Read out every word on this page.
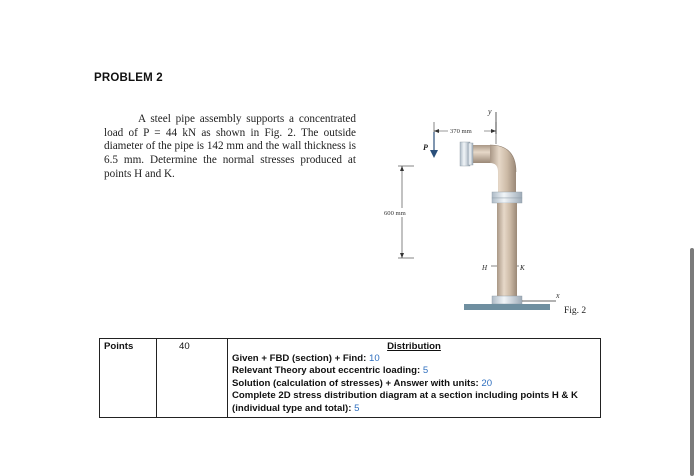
PROBLEM 2

A steel pipe assembly supports a concentrated load of P = 44 kN as shown in Fig. 2. The outside diameter of the pipe is 142 mm and the wall thickness is 6.5 mm. Determine the normal stresses produced at points H and K.

y
370 mm
P
600 mm
H	K
x
Fig. 2
Points	40	Distribution
Given + FBD (section) + Find: 10
Relevant Theory about eccentric loading: 5
Solution (calculation of stresses) + Answer with units: 20
Complete 2D stress distribution diagram at a section including points H & K
(individual type and total): 5
